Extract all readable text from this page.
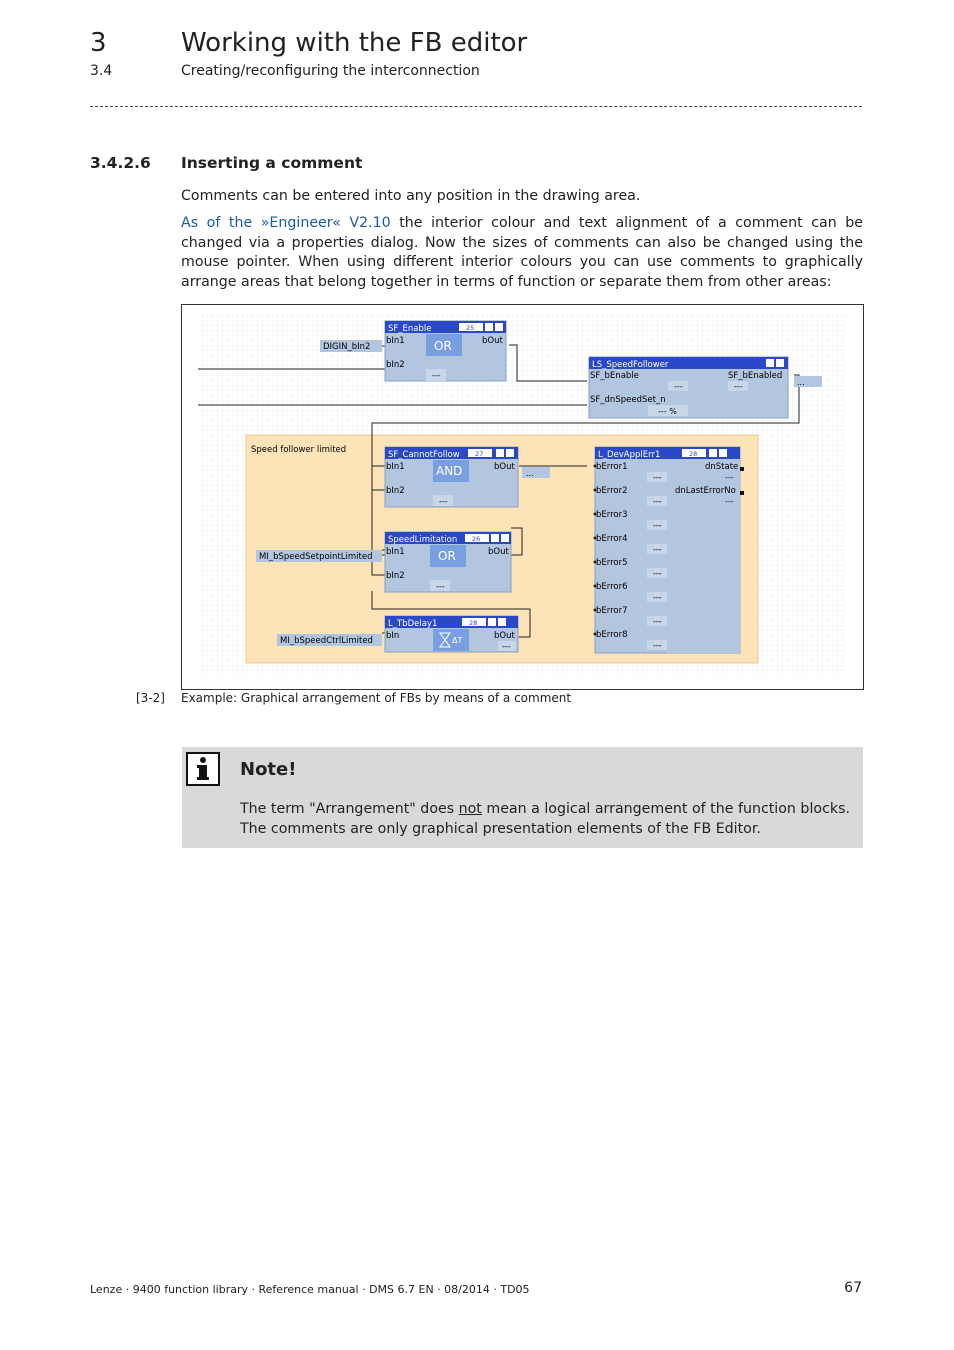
3	Working with the FB editor
3.4	Creating/reconfiguring the interconnection
3.4.2.6 Inserting a comment
Comments can be entered into any position in the drawing area.
As of the »Engineer« V2.10 the interior colour and text alignment of a comment can be changed via a properties dialog. Now the sizes of comments can also be changed using the mouse pointer. When using different interior colours you can use comments to graphically arrange areas that belong together in terms of function or separate them from other areas:
Speed follower limited
DIGIN_bIn2
MI_bSpeedSetpointLimited
MI_bSpeedCtrlLimited
SF_Enable	25
OR
bIn1	bOut
bIn2
---
LS_SpeedFollower
SF_bEnable	SF_bEnabled
---	---
SF_dnSpeedSet_n
--- %
...
SF_CannotFollow 27
AND
bIn1	bOut
bIn2
---
...
SpeedLimitation 26
OR
bIn1	bOut
bIn2
---
L_TbDelay1	28
ΔT
bIn	bOut
---
L_DevApplErr1	28
bError1
---
bError2
---
bError3
---
bError4
---
bError5
---
bError6
---
bError7
---
bError8
---
dnState
dnLastErrorNo
---
---
[3-2] Example: Graphical arrangement of FBs by means of a comment
Note!
The term "Arrangement" does not mean a logical arrangement of the function blocks.
The comments are only graphical presentation elements of the FB Editor.
Lenze · 9400 function library · Reference manual · DMS 6.7 EN · 08/2014 · TD05	67
